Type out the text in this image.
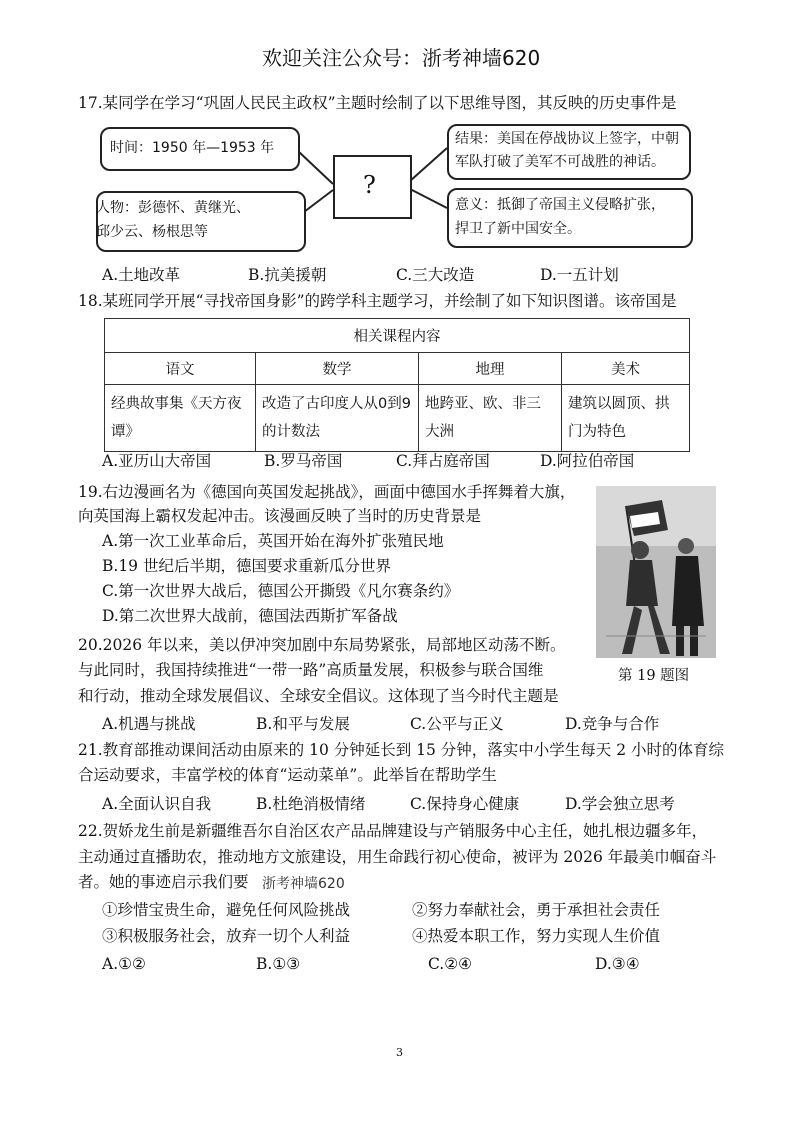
欢迎关注公众号：浙考神墙620
17.某同学在学习“巩固人民民主政权”主题时绘制了以下思维导图，其反映的历史事件是
时间：1950 年—1953 年
人物：彭德怀、黄继光、
邱少云、杨根思等
?
结果：美国在停战协议上签字，中朝
军队打破了美军不可战胜的神话。
意义：抵御了帝国主义侵略扩张，
捍卫了新中国安全。
A.土地改革	B.抗美援朝	C.三大改造	D.一五计划
18.某班同学开展“寻找帝国身影”的跨学科主题学习，并绘制了如下知识图谱。该帝国是
相关课程内容			
语文	数学	地理	美术
经典故事集《天方夜谭》	改造了古印度人从0到9的计数法	地跨亚、欧、非三大洲	建筑以圆顶、拱门为特色
A.亚历山大帝国	B.罗马帝国	C.拜占庭帝国	D.阿拉伯帝国
19.右边漫画名为《德国向英国发起挑战》，画面中德国水手挥舞着大旗，
向英国海上霸权发起冲击。该漫画反映了当时的历史背景是
A.第一次工业革命后，英国开始在海外扩张殖民地
B.19 世纪后半期，德国要求重新瓜分世界
C.第一次世界大战后，德国公开撕毁《凡尔赛条约》
D.第二次世界大战前，德国法西斯扩军备战
第 19 题图
20.2026 年以来，美以伊冲突加剧中东局势紧张，局部地区动荡不断。
与此同时，我国持续推进“一带一路”高质量发展，积极参与联合国维
和行动，推动全球发展倡议、全球安全倡议。这体现了当今时代主题是
A.机遇与挑战	B.和平与发展	C.公平与正义	D.竞争与合作
21.教育部推动课间活动由原来的 10 分钟延长到 15 分钟，落实中小学生每天 2 小时的体育综
合运动要求，丰富学校的体育“运动菜单”。此举旨在帮助学生
A.全面认识自我	B.杜绝消极情绪	C.保持身心健康	D.学会独立思考
22.贺娇龙生前是新疆维吾尔自治区农产品品牌建设与产销服务中心主任，她扎根边疆多年，
主动通过直播助农，推动地方文旅建设，用生命践行初心使命，被评为 2026 年最美巾帼奋斗
者。她的事迹启示我们要 浙考神墙620
①珍惜宝贵生命，避免任何风险挑战	②努力奉献社会，勇于承担社会责任
③积极服务社会，放弃一切个人利益	④热爱本职工作，努力实现人生价值
A.①②	B.①③	C.②④	D.③④
3
